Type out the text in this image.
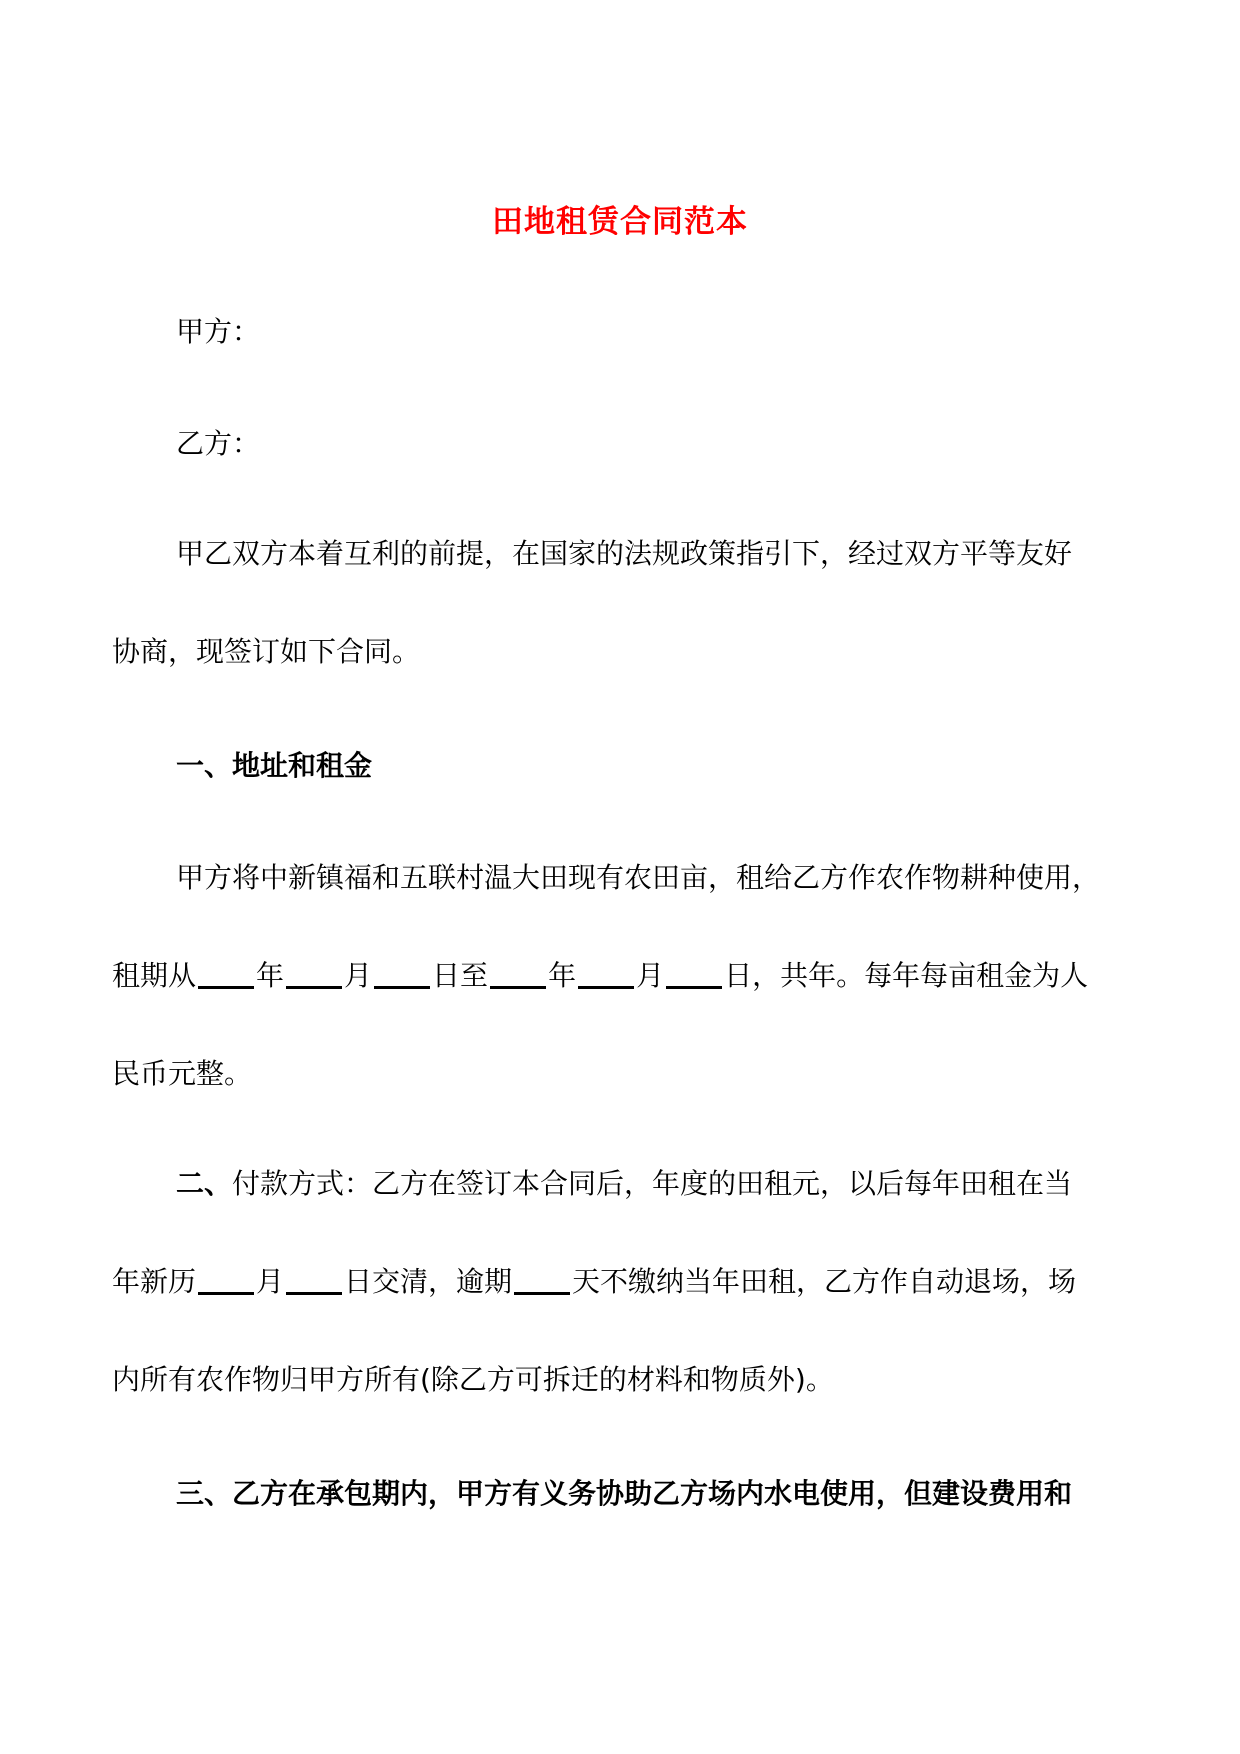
田地租赁合同范本
甲方：
乙方：
甲乙双方本着互利的前提，在国家的法规政策指引下，经过双方平等友好
协商，现签订如下合同。
一、地址和租金
甲方将中新镇福和五联村温大田现有农田亩，租给乙方作农作物耕种使用，
租期从 年 月 日至 年 月 日，共年。每年每亩租金为人
民币元整。
二、付款方式：乙方在签订本合同后，年度的田租元，以后每年田租在当
年新历 月 日交清，逾期 天不缴纳当年田租，乙方作自动退场，场
内所有农作物归甲方所有(除乙方可拆迁的材料和物质外)。
三、乙方在承包期内，甲方有义务协助乙方场内水电使用，但建设费用和
